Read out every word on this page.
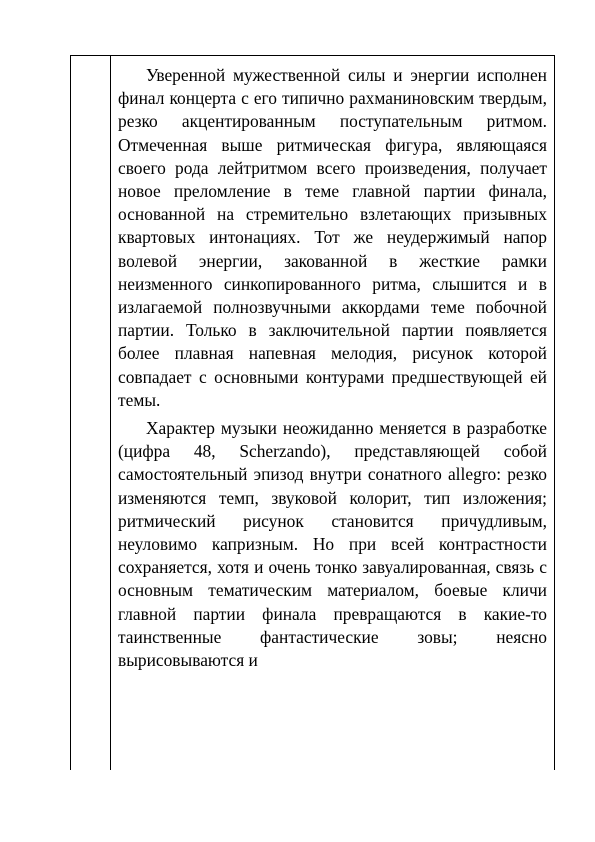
Уверенной мужественной силы и энергии исполнен финал концерта с его типично рахманиновским твердым, резко акцентированным поступательным ритмом. Отмеченная выше ритмическая фигура, являющаяся своего рода лейтритмом всего произведения, получает новое преломление в теме главной партии финала, основанной на стремительно взлетающих призывных квартовых интонациях. Тот же неудержимый напор волевой энергии, закованной в жесткие рамки неизменного синкопированного ритма, слышится и в излагаемой полнозвучными аккордами теме побочной партии. Только в заключительной партии появляется более плавная напевная мелодия, рисунок которой совпадает с основными контурами предшествующей ей темы.

Характер музыки неожиданно меняется в разработке (цифра 48, Scherzando), представляющей собой самостоятельный эпизод внутри сонатного allegro: резко изменяются темп, звуковой колорит, тип изложения; ритмический рисунок становится причудливым, неуловимо капризным. Но при всей контрастности сохраняется, хотя и очень тонко завуалированная, связь с основным тематическим материалом, боевые кличи главной партии финала превращаются в какие-то таинственные фантастические зовы; неясно вырисовываются и
